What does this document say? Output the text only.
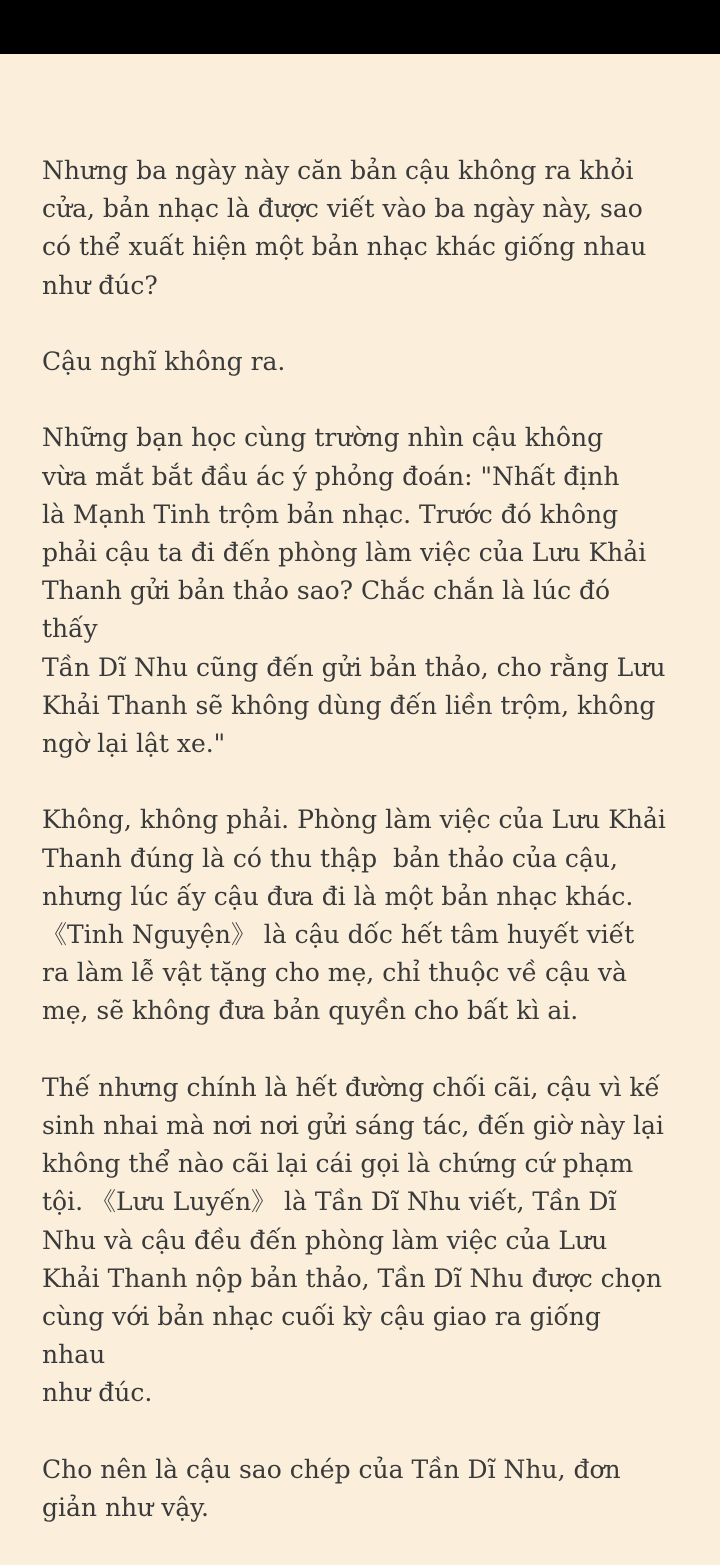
Nhưng ba ngày này căn bản cậu không ra khỏi
cửa, bản nhạc là được viết vào ba ngày này, sao
có thể xuất hiện một bản nhạc khác giống nhau
như đúc?

Cậu nghĩ không ra.

Những bạn học cùng trường nhìn cậu không
vừa mắt bắt đầu ác ý phỏng đoán: "Nhất định
là Mạnh Tinh trộm bản nhạc. Trước đó không
phải cậu ta đi đến phòng làm việc của Lưu Khải
Thanh gửi bản thảo sao? Chắc chắn là lúc đó thấy
Tần Dĩ Nhu cũng đến gửi bản thảo, cho rằng Lưu
Khải Thanh sẽ không dùng đến liền trộm, không
ngờ lại lật xe."

Không, không phải. Phòng làm việc của Lưu Khải
Thanh đúng là có thu thập  bản thảo của cậu,
nhưng lúc ấy cậu đưa đi là một bản nhạc khác.
《Tinh Nguyện》 là cậu dốc hết tâm huyết viết
ra làm lễ vật tặng cho mẹ, chỉ thuộc về cậu và
mẹ, sẽ không đưa bản quyền cho bất kì ai.

Thế nhưng chính là hết đường chối cãi, cậu vì kế
sinh nhai mà nơi nơi gửi sáng tác, đến giờ này lại
không thể nào cãi lại cái gọi là chứng cứ phạm
tội. 《Lưu Luyến》 là Tần Dĩ Nhu viết, Tần Dĩ
Nhu và cậu đều đến phòng làm việc của Lưu
Khải Thanh nộp bản thảo, Tần Dĩ Nhu được chọn
cùng với bản nhạc cuối kỳ cậu giao ra giống nhau
như đúc.

Cho nên là cậu sao chép của Tần Dĩ Nhu, đơn
giản như vậy.
